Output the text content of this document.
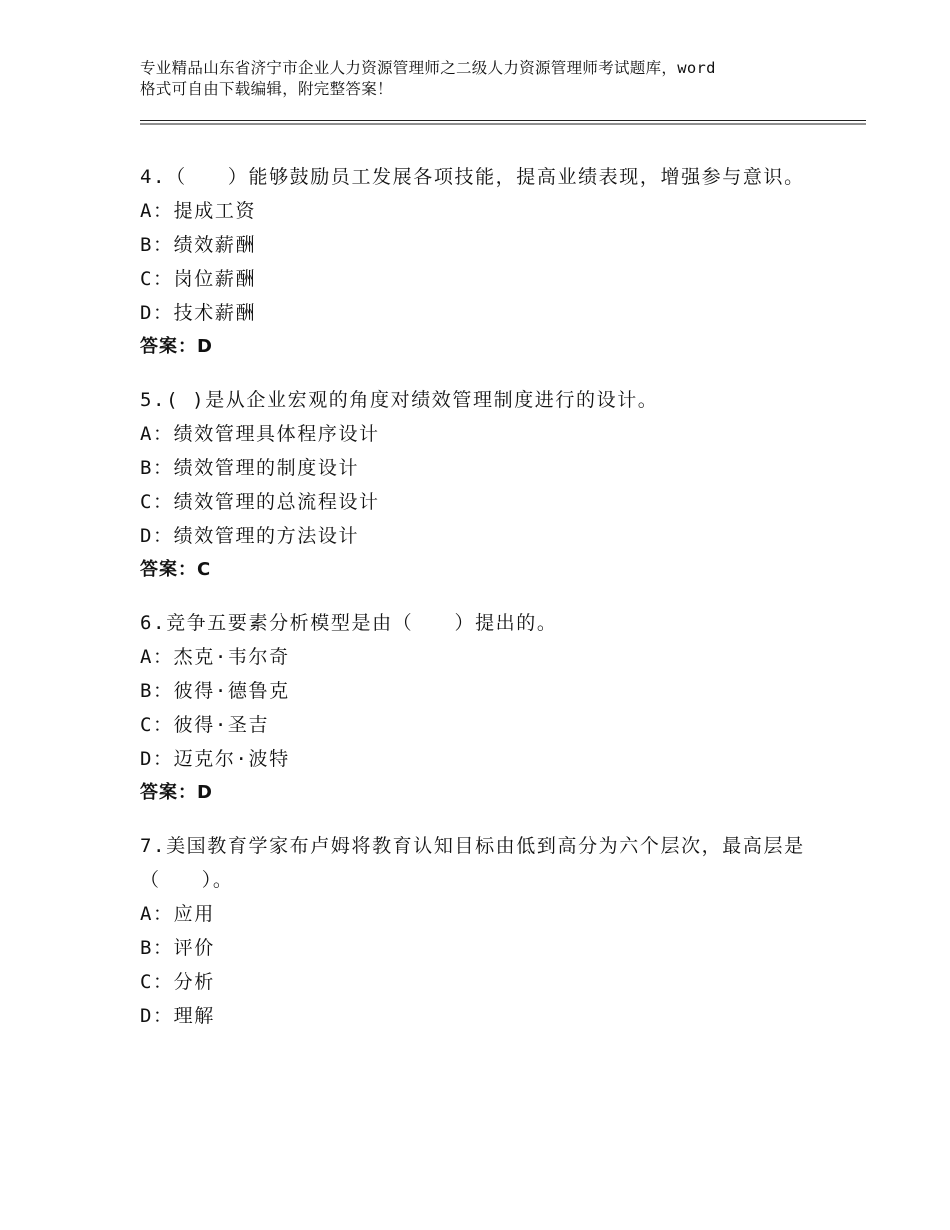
专业精品山东省济宁市企业人力资源管理师之二级人力资源管理师考试题库，word
格式可自由下载编辑，附完整答案！
4.（　　）能够鼓励员工发展各项技能，提高业绩表现，增强参与意识。
A：提成工资
B：绩效薪酬
C：岗位薪酬
D：技术薪酬
答案：D
5.( )是从企业宏观的角度对绩效管理制度进行的设计。
A：绩效管理具体程序设计
B：绩效管理的制度设计
C：绩效管理的总流程设计
D：绩效管理的方法设计
答案：C
6.竞争五要素分析模型是由（　　）提出的。
A：杰克·韦尔奇
B：彼得·德鲁克
C：彼得·圣吉
D：迈克尔·波特
答案：D
7.美国教育学家布卢姆将教育认知目标由低到高分为六个层次，最高层是（　　）。
A：应用
B：评价
C：分析
D：理解
